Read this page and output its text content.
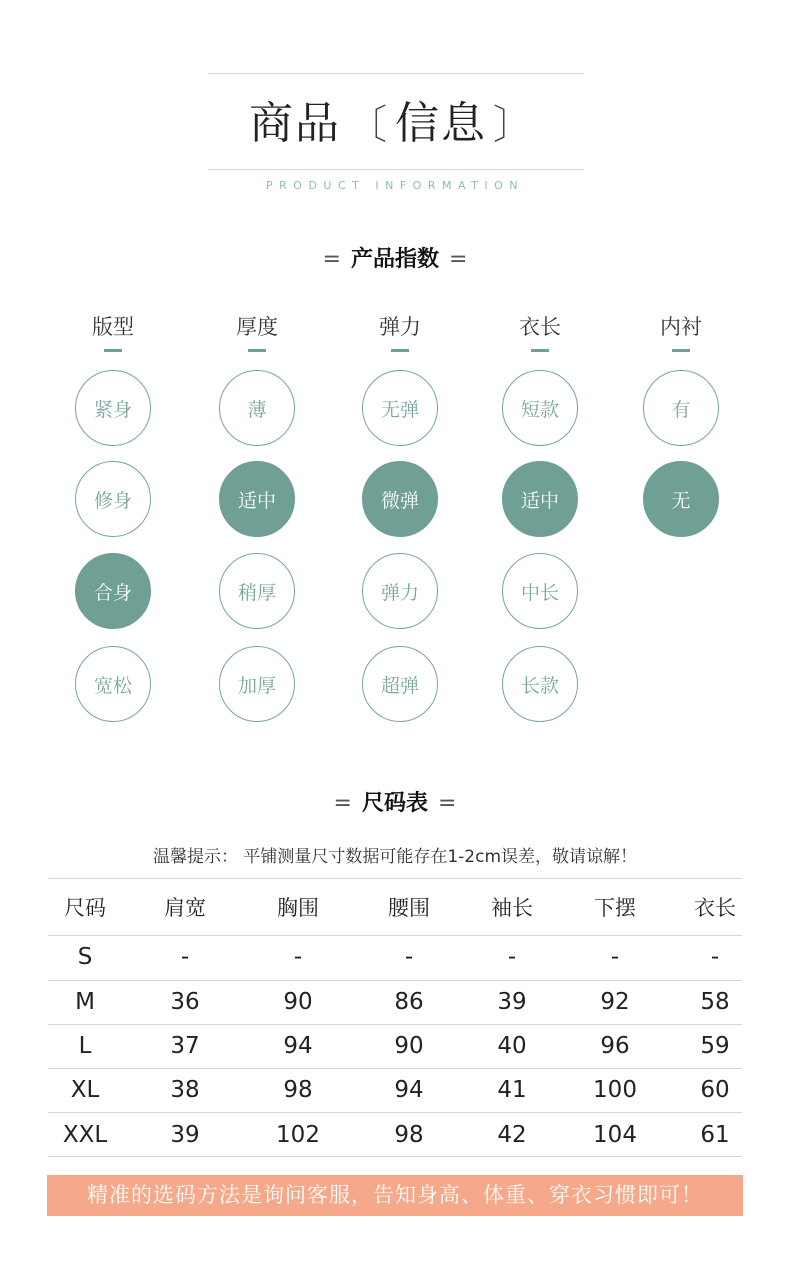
商品 〔 信息 〕
PRODUCT INFORMATION
= 产品指数 =
版型
紧身
修身
合身
宽松
厚度
薄
适中
稍厚
加厚
弹力
无弹
微弹
弹力
超弹
衣长
短款
适中
中长
长款
内衬
有
无
= 尺码表 =
温馨提示： 平铺测量尺寸数据可能存在1-2cm误差，敬请谅解！
尺码	肩宽	胸围	腰围	袖长	下摆	衣长
S	-	-	-	-	-	-
M	36	90	86	39	92	58
L	37	94	90	40	96	59
XL	38	98	94	41	100	60
XXL	39	102	98	42	104	61
精准的选码方法是询问客服，告知身高、体重、穿衣习惯即可！
